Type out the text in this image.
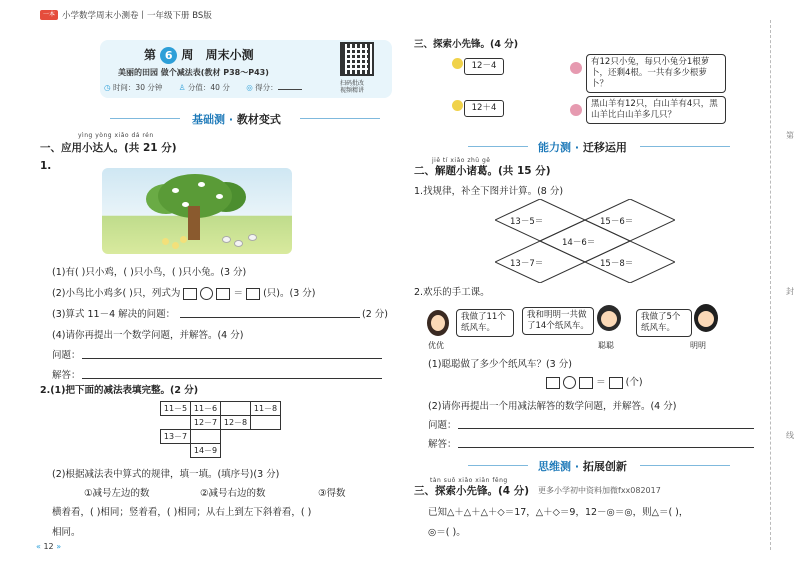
一本 小学数学周末小测卷丨一年级下册 BS版
第 6 周 周末小测
美丽的田园 做个减法表(教材 P38～P43)
◷ 时间：30 分钟 ♙ 分值：40 分 ◎ 得分：	扫码批改
视频精讲
基础测 · 教材变式
yìng yòng xiǎo dá rén
一、应用小达人。(共 21 分)
1.
(1)有( )只小鸡，( )只小鸟，( )只小兔。(3 分)
(2)小鸟比小鸡多( )只，列式为	＝ (只)。(3 分)
(3)算式 11－4 解决的问题：	(2 分)
(4)请你再提出一个数学问题，并解答。(4 分)
问题：
解答：
2.(1)把下面的减法表填完整。(2 分)
11－5	11－6		11－8
	12－7	12－8	
13－7			
	14－9		
(2)根据减法表中算式的规律，填一填。(填序号)(3 分)
①减号左边的数	②减号右边的数	③得数
横着看，( )相同；竖着看，( )相同；从右上到左下斜着看，( )
相同。
« 12 »
三、探索小先锋。(4 分)
12－4
12＋4
有12只小兔，每只小兔分1根萝卜，还剩4根。一共有多少根萝卜？
黑山羊有12只，白山羊有4只，黑山羊比白山羊多几只？
能力测 · 迁移运用
jiě tí xiǎo zhū gě
二、解题小诸葛。(共 15 分)
1.找规律，补全下图并计算。(8 分)
13－5＝	15－6＝
14－6＝
13－7＝	15－8＝
2.欢乐的手工课。
我做了11个纸风车。
优优
我和明明一共做了14个纸风车。
聪聪
我做了5个纸风车。
明明
(1)聪聪做了多少个纸风车？(3 分)
＝ (个)
(2)请你再提出一个用减法解答的数学问题，并解答。(4 分)
问题：
解答：
思维测 · 拓展创新
tàn suǒ xiǎo xiān fēng
三、探索小先锋。(4 分) 更多小学初中资料加微fxx082017
已知△＋△＋△＋◇＝17，△＋◇＝9，12－◎＝◎，则△＝( )，
◎＝( )。
第
封
线
